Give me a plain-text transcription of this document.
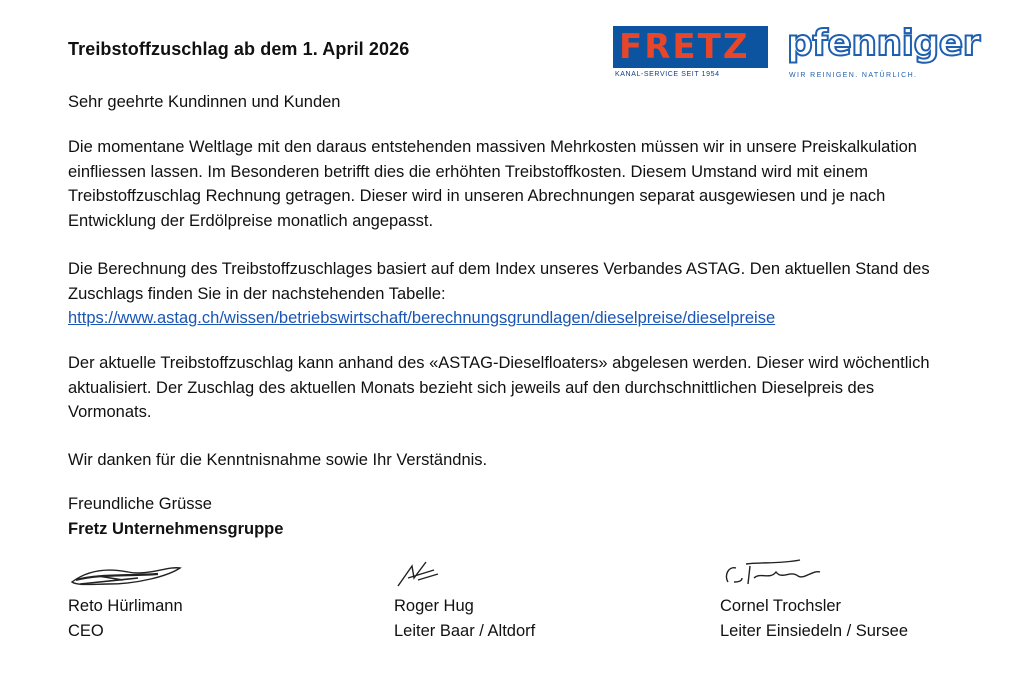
Treibstoffzuschlag ab dem 1. April 2026	FRETZ
KANAL-SERVICE SEIT 1954
pfenniger
WIR REINIGEN. NATÜRLICH.

Sehr geehrte Kundinnen und Kunden

Die momentane Weltlage mit den daraus entstehenden massiven Mehrkosten müssen wir in unsere Preiskalkulation einfliessen lassen. Im Besonderen betrifft dies die erhöhten Treibstoffkosten. Diesem Umstand wird mit einem Treibstoffzuschlag Rechnung getragen. Dieser wird in unseren Abrechnungen separat ausgewiesen und je nach Entwicklung der Erdölpreise monatlich angepasst.

Die Berechnung des Treibstoffzuschlages basiert auf dem Index unseres Verbandes ASTAG. Den aktuellen Stand des Zuschlags finden Sie in der nachstehenden Tabelle:
https://www.astag.ch/wissen/betriebswirtschaft/berechnungsgrundlagen/dieselpreise/dieselpreise

Der aktuelle Treibstoffzuschlag kann anhand des «ASTAG-Dieselfloaters» abgelesen werden. Dieser wird wöchentlich aktualisiert. Der Zuschlag des aktuellen Monats bezieht sich jeweils auf den durchschnittlichen Dieselpreis des Vormonats.

Wir danken für die Kenntnisnahme sowie Ihr Verständnis.

Freundliche Grüsse

Fretz Unternehmensgruppe

Reto Hürlimann
CEO
Roger Hug
Leiter Baar / Altdorf
Cornel Trochsler
Leiter Einsiedeln / Sursee
